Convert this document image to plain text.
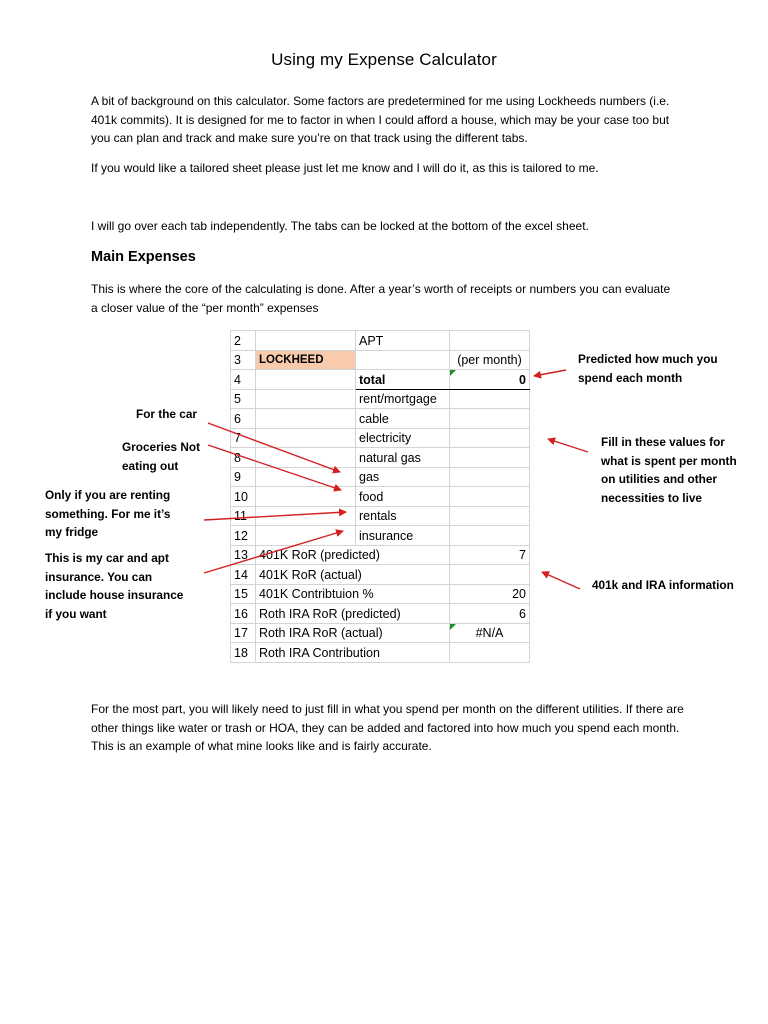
Using my Expense Calculator
A bit of background on this calculator. Some factors are predetermined for me using Lockheeds numbers (i.e. 401k commits). It is designed for me to factor in when I could afford a house, which may be your case too but you can plan and track and make sure you’re on that track using the different tabs.
If you would like a tailored sheet please just let me know and I will do it, as this is tailored to me.
I will go over each tab independently. The tabs can be locked at the bottom of the excel sheet.
Main Expenses
This is where the core of the calculating is done. After a year’s worth of receipts or numbers you can evaluate a closer value of the “per month” expenses
2		APT	
3	LOCKHEED		(per month)
4		total	0
5		rent/mortgage	
6		cable	
7		electricity	
8		natural gas	
9		gas	
10		food	
11		rentals	
12		insurance	
13	401K RoR (predicted)		7
14	401K RoR (actual)		
15	401K Contribtuion %		20
16	Roth IRA RoR (predicted)		6
17	Roth IRA RoR (actual)		#N/A
18	Roth IRA Contribution		
Predicted how much you spend each month
Fill in these values for what is spent per month on utilities and other necessities to live
401k and IRA information
For the car
Groceries Not eating out
Only if you are renting something. For me it’s my fridge
This is my car and apt insurance. You can include house insurance if you want
For the most part, you will likely need to just fill in what you spend per month on the different utilities. If there are other things like water or trash or HOA, they can be added and factored into how much you spend each month. This is an example of what mine looks like and is fairly accurate.
